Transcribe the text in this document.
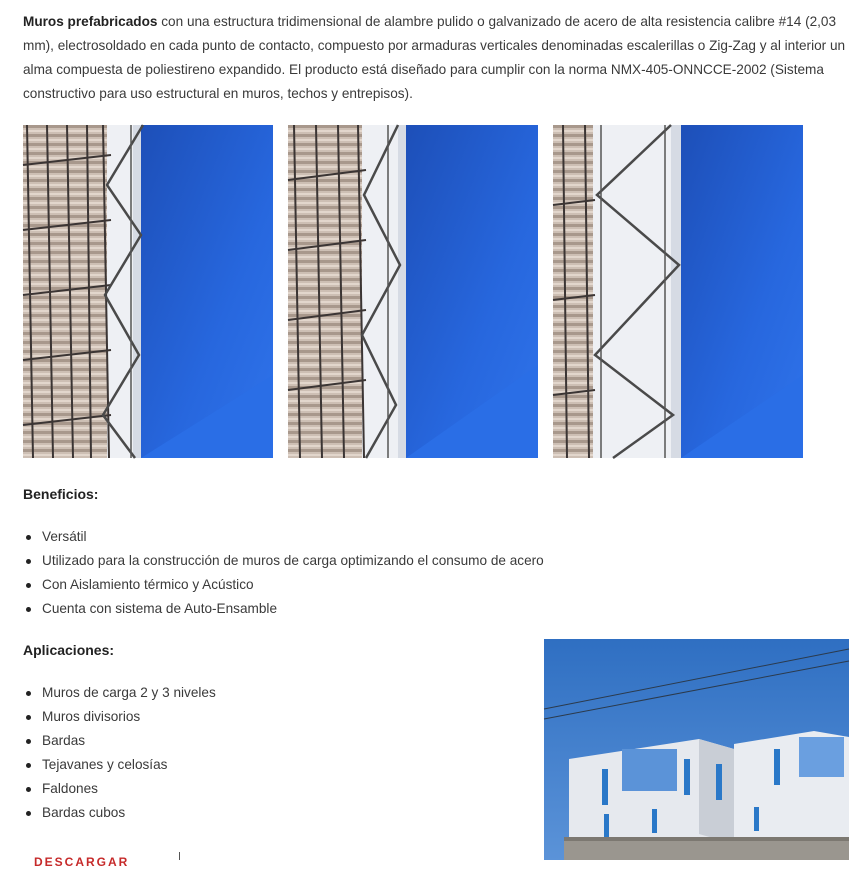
Muros prefabricados con una estructura tridimensional de alambre pulido o galvanizado de acero de alta resistencia calibre #14 (2,03 mm), electrosoldado en cada punto de contacto, compuesto por armaduras verticales denominadas escalerillas o Zig-Zag y al interior un alma compuesta de poliestireno expandido. El producto está diseñado para cumplir con la norma NMX-405-ONNCCE-2002 (Sistema constructivo para uso estructural en muros, techos y entrepisos).

Beneficios:
Versátil
Utilizado para la construcción de muros de carga optimizando el consumo de acero
Con Aislamiento térmico y Acústico
Cuenta con sistema de Auto-Ensamble
Aplicaciones:
Muros de carga 2 y 3 niveles
Muros divisorios
Bardas
Tejavanes y celosías
Faldones
Bardas cubos
DESCARGAR
